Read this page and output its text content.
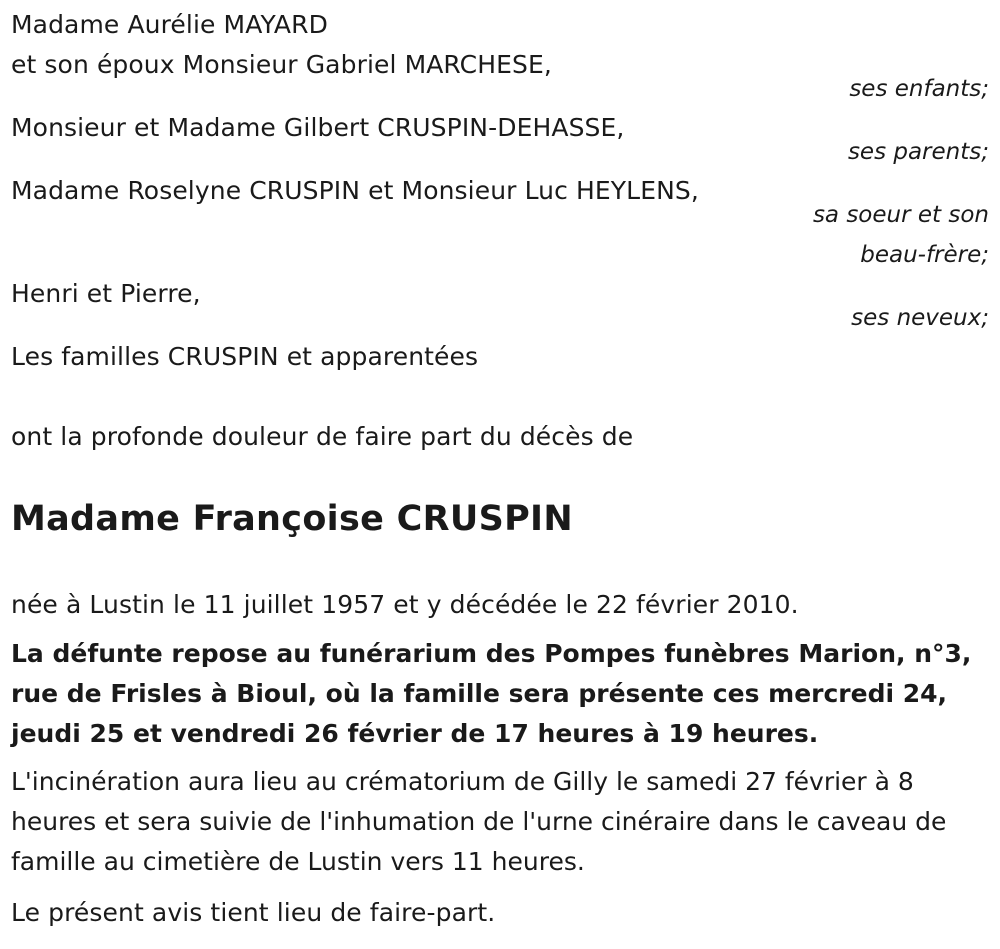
Madame Aurélie MAYARD
et son époux Monsieur Gabriel MARCHESE,
ses enfants;
Monsieur et Madame Gilbert CRUSPIN-DEHASSE,
ses parents;
Madame Roselyne CRUSPIN et Monsieur Luc HEYLENS,
sa soeur et son
beau-frère;
Henri et Pierre,
ses neveux;
Les familles CRUSPIN et apparentées
ont la profonde douleur de faire part du décès de
Madame Françoise CRUSPIN
née à Lustin le 11 juillet 1957 et y décédée le 22 février 2010.
La défunte repose au funérarium des Pompes funèbres Marion, n°3, rue de Frisles à Bioul, où la famille sera présente ces mercredi 24, jeudi 25 et vendredi 26 février de 17 heures à 19 heures.
L'incinération aura lieu au crématorium de Gilly le samedi 27 février à 8 heures et sera suivie de l'inhumation de l'urne cinéraire dans le caveau de famille au cimetière de Lustin vers 11 heures.
Le présent avis tient lieu de faire-part.
